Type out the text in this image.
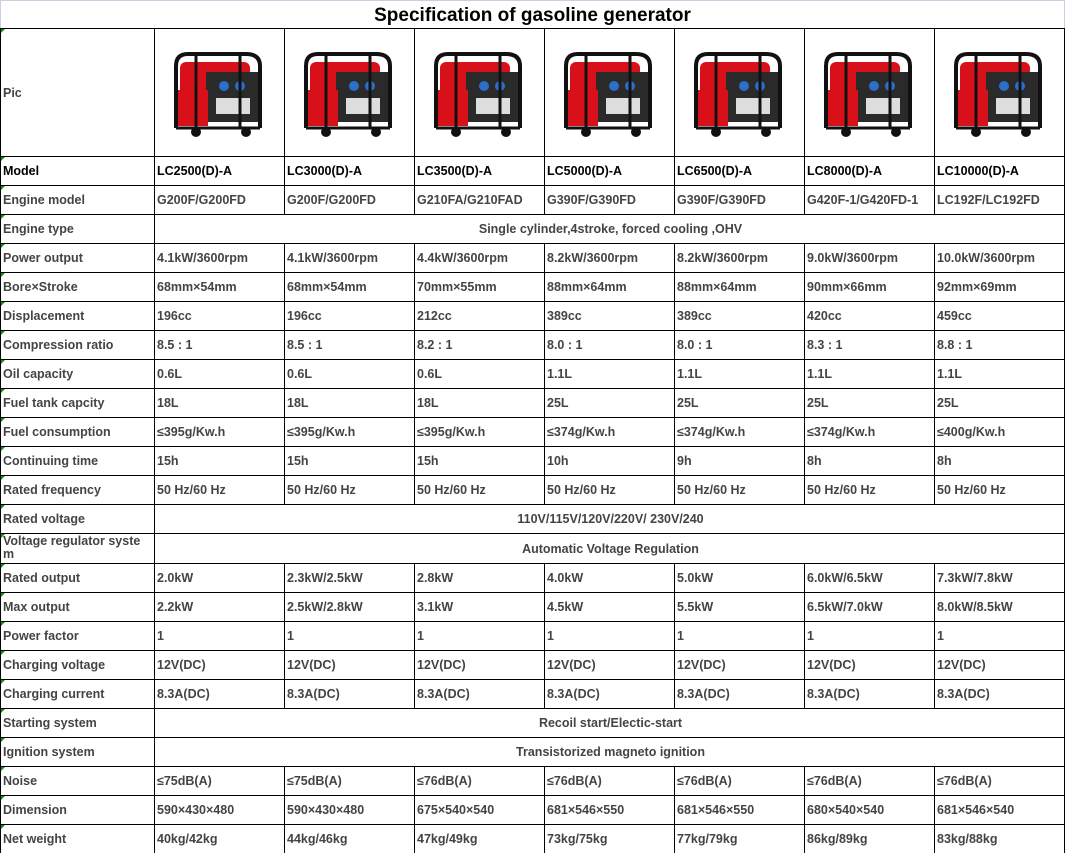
Specification of gasoline generator
Pic	

Model	LC2500(D)-A	LC3000(D)-A	LC3500(D)-A	LC5000(D)-A	LC6500(D)-A	LC8000(D)-A	LC10000(D)-A
Engine model	G200F/G200FD	G200F/G200FD	G210FA/G210FAD	G390F/G390FD	G390F/G390FD	G420F-1/G420FD-1	LC192F/LC192FD
Engine type	Single cylinder,4stroke, forced cooling ,OHV						
Power output	4.1kW/3600rpm	4.1kW/3600rpm	4.4kW/3600rpm	8.2kW/3600rpm	8.2kW/3600rpm	9.0kW/3600rpm	10.0kW/3600rpm
Bore×Stroke	68mm×54mm	68mm×54mm	70mm×55mm	88mm×64mm	88mm×64mm	90mm×66mm	92mm×69mm
Displacement	196cc	196cc	212cc	389cc	389cc	420cc	459cc
Compression ratio	8.5 : 1	8.5 : 1	8.2 : 1	8.0 : 1	8.0 : 1	8.3 : 1	8.8 : 1
Oil capacity	0.6L	0.6L	0.6L	1.1L	1.1L	1.1L	1.1L
Fuel tank capcity	18L	18L	18L	25L	25L	25L	25L
Fuel consumption	≤395g/Kw.h	≤395g/Kw.h	≤395g/Kw.h	≤374g/Kw.h	≤374g/Kw.h	≤374g/Kw.h	≤400g/Kw.h
Continuing time	15h	15h	15h	10h	9h	8h	8h
Rated frequency	50 Hz/60 Hz	50 Hz/60 Hz	50 Hz/60 Hz	50 Hz/60 Hz	50 Hz/60 Hz	50 Hz/60 Hz	50 Hz/60 Hz
Rated voltage	110V/115V/120V/220V/ 230V/240						
Voltage regulator syste m	Automatic Voltage Regulation						
Rated output	2.0kW	2.3kW/2.5kW	2.8kW	4.0kW	5.0kW	6.0kW/6.5kW	7.3kW/7.8kW
Max output	2.2kW	2.5kW/2.8kW	3.1kW	4.5kW	5.5kW	6.5kW/7.0kW	8.0kW/8.5kW
Power factor	1	1	1	1	1	1	1
Charging voltage	12V(DC)	12V(DC)	12V(DC)	12V(DC)	12V(DC)	12V(DC)	12V(DC)
Charging current	8.3A(DC)	8.3A(DC)	8.3A(DC)	8.3A(DC)	8.3A(DC)	8.3A(DC)	8.3A(DC)
Starting system	Recoil start/Electic-start						
Ignition system	Transistorized magneto ignition						
Noise	≤75dB(A)	≤75dB(A)	≤76dB(A)	≤76dB(A)	≤76dB(A)	≤76dB(A)	≤76dB(A)
Dimension	590×430×480	590×430×480	675×540×540	681×546×550	681×546×550	680×540×540	681×546×540
Net weight	40kg/42kg	44kg/46kg	47kg/49kg	73kg/75kg	77kg/79kg	86kg/89kg	83kg/88kg
